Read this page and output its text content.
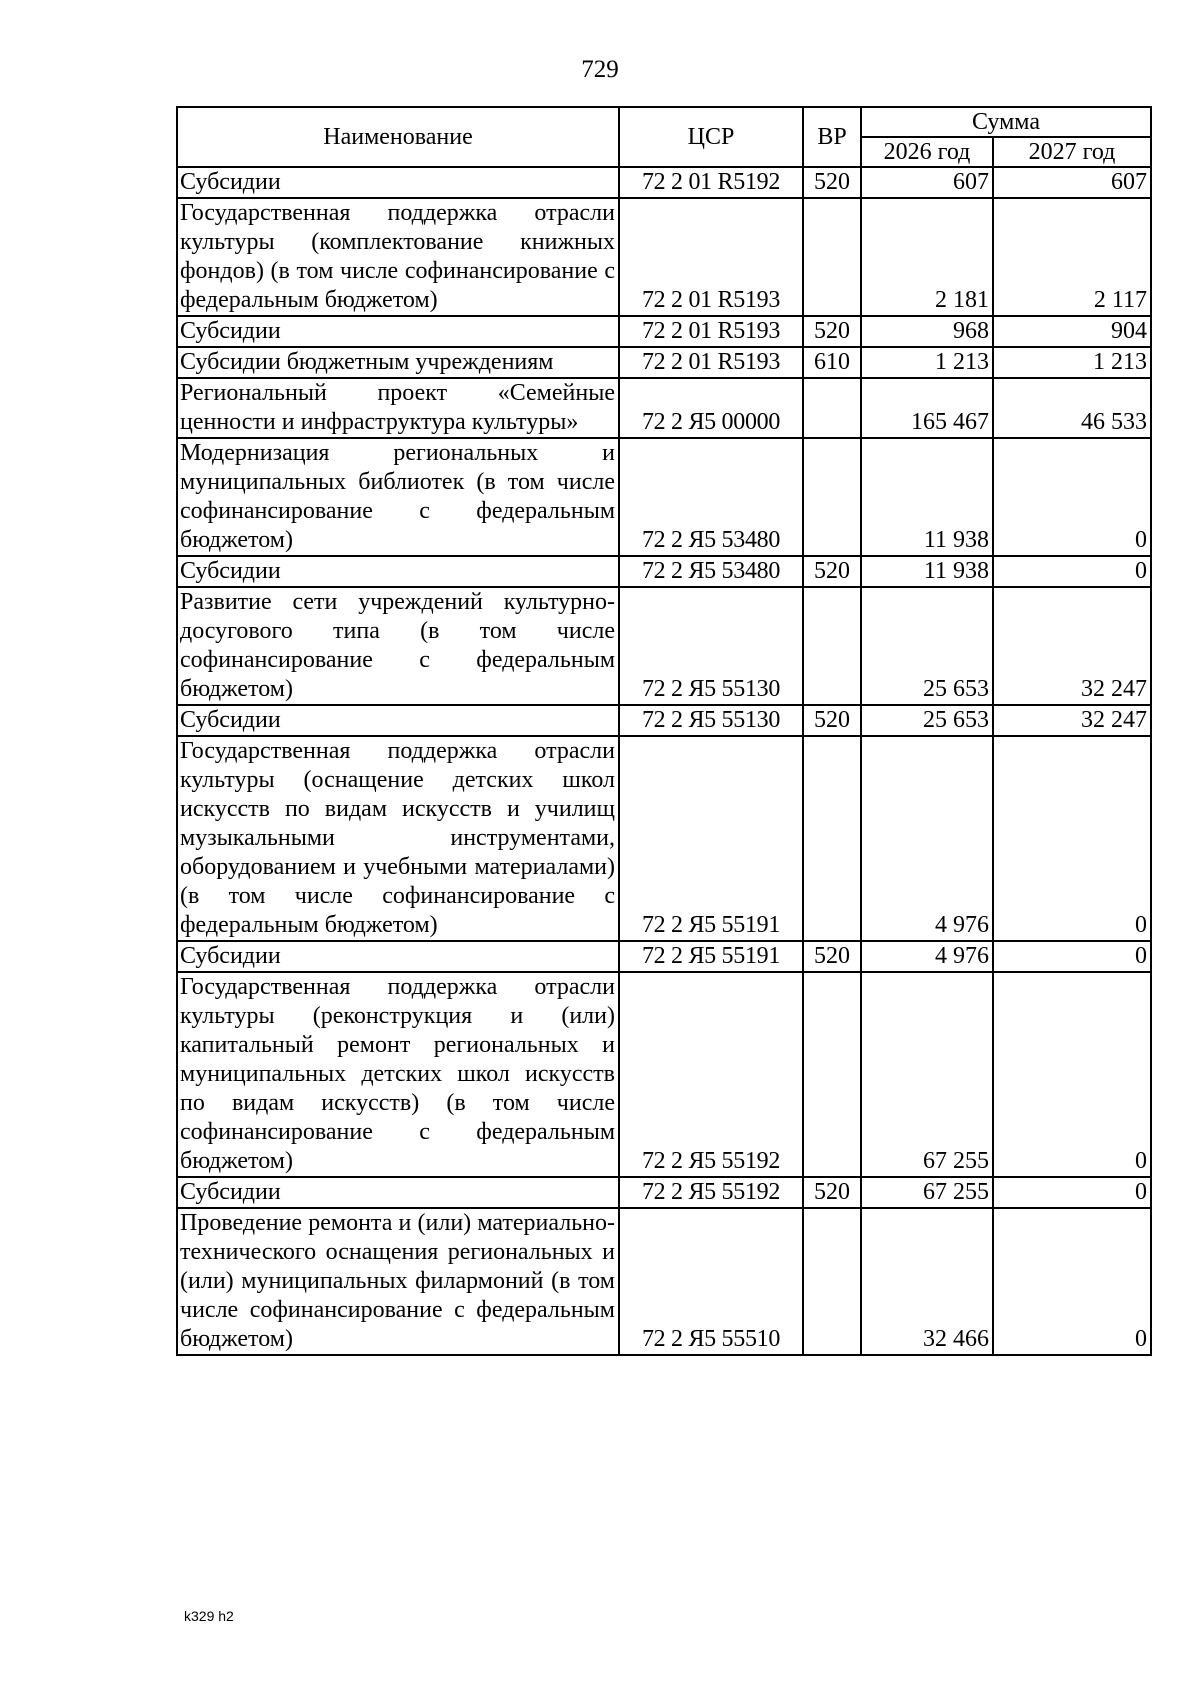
729
Наименование	ЦСР	ВР	Сумма	
			2026 год	2027 год
Субсидии	72 2 01 R5192	520	607	607
Государственная поддержка отрасли культуры (комплектование книжных фондов) (в том числе софинансирование с федеральным бюджетом)	72 2 01 R5193		2 181	2 117
Субсидии	72 2 01 R5193	520	968	904
Субсидии бюджетным учреждениям	72 2 01 R5193	610	1 213	1 213
Региональный проект «Семейные ценности и инфраструктура культуры»	72 2 Я5 00000		165 467	46 533
Модернизация региональных и муниципальных библиотек (в том числе софинансирование с федеральным бюджетом)	72 2 Я5 53480		11 938	0
Субсидии	72 2 Я5 53480	520	11 938	0
Развитие сети учреждений культурно-досугового типа (в том числе софинансирование с федеральным бюджетом)	72 2 Я5 55130		25 653	32 247
Субсидии	72 2 Я5 55130	520	25 653	32 247
Государственная поддержка отрасли культуры (оснащение детских школ искусств по видам искусств и училищ музыкальными инструментами, оборудованием и учебными материалами) (в том числе софинансирование с федеральным бюджетом)	72 2 Я5 55191		4 976	0
Субсидии	72 2 Я5 55191	520	4 976	0
Государственная поддержка отрасли культуры (реконструкция и (или) капитальный ремонт региональных и муниципальных детских школ искусств по видам искусств) (в том числе софинансирование с федеральным бюджетом)	72 2 Я5 55192		67 255	0
Субсидии	72 2 Я5 55192	520	67 255	0
Проведение ремонта и (или) материально-технического оснащения региональных и (или) муниципальных филармоний (в том числе софинансирование с федеральным бюджетом)	72 2 Я5 55510		32 466	0
k329 h2
